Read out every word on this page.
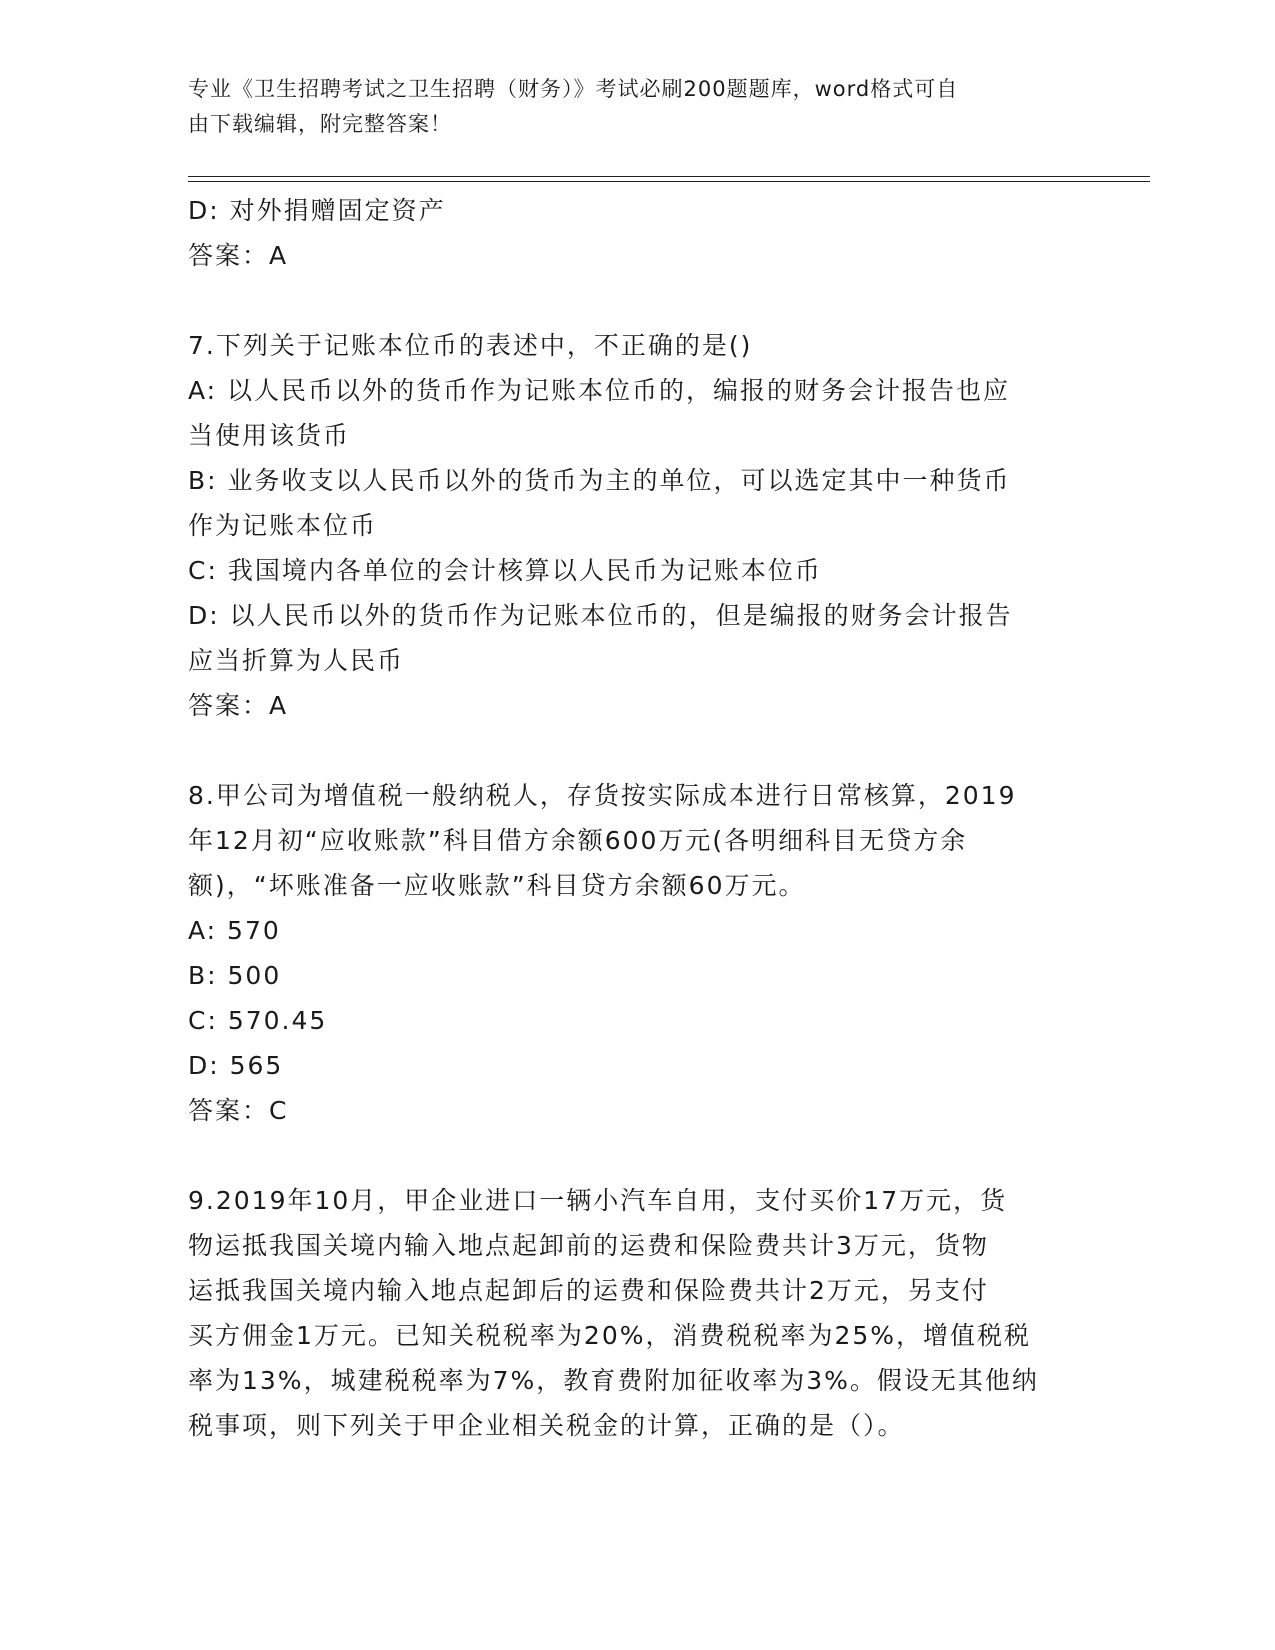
专业《卫生招聘考试之卫生招聘（财务）》考试必刷200题题库，word格式可自
由下载编辑，附完整答案！
D: 对外捐赠固定资产
答案：A
7.下列关于记账本位币的表述中，不正确的是()
A: 以人民币以外的货币作为记账本位币的，编报的财务会计报告也应
当使用该货币
B: 业务收支以人民币以外的货币为主的单位，可以选定其中一种货币
作为记账本位币
C: 我国境内各单位的会计核算以人民币为记账本位币
D: 以人民币以外的货币作为记账本位币的，但是编报的财务会计报告
应当折算为人民币
答案：A
8.甲公司为增值税一般纳税人，存货按实际成本进行日常核算，2019
年12月初“应收账款”科目借方余额600万元(各明细科目无贷方余
额)，“坏账准备一应收账款”科目贷方余额60万元。
A: 570
B: 500
C: 570.45
D: 565
答案：C
9.2019年10月，甲企业进口一辆小汽车自用，支付买价17万元，货
物运抵我国关境内输入地点起卸前的运费和保险费共计3万元，货物
运抵我国关境内输入地点起卸后的运费和保险费共计2万元，另支付
买方佣金1万元。已知关税税率为20%，消费税税率为25%，增值税税
率为13%，城建税税率为7%，教育费附加征收率为3%。假设无其他纳
税事项，则下列关于甲企业相关税金的计算，正确的是（）。
